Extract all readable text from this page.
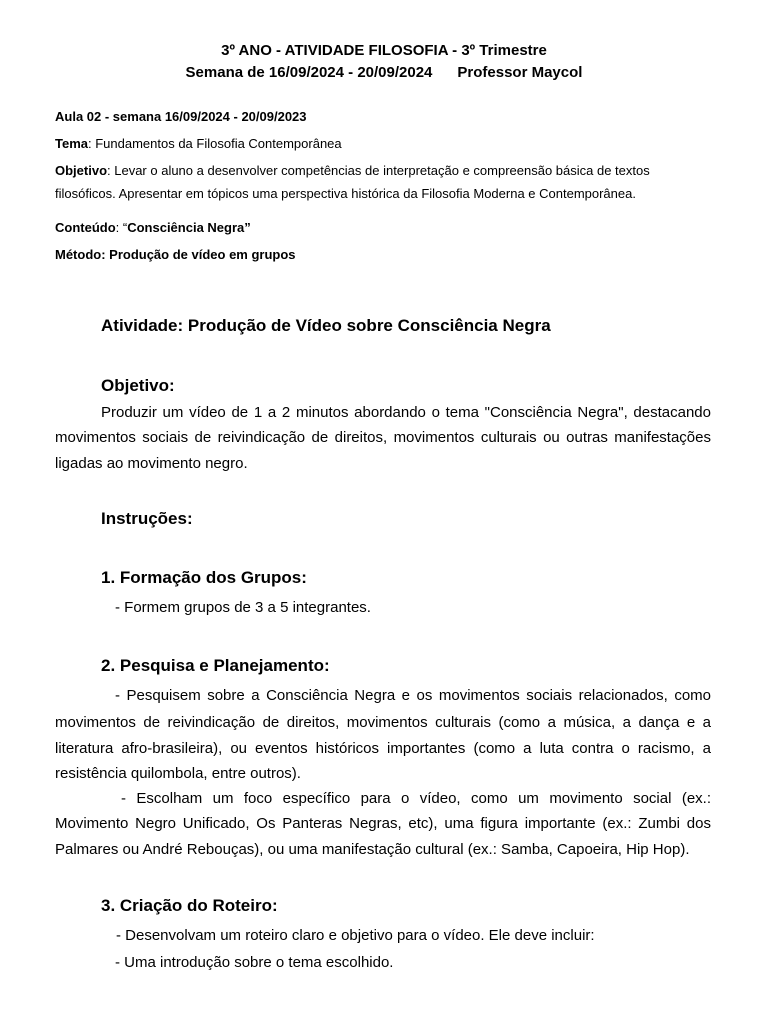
3º ANO - ATIVIDADE FILOSOFIA - 3º Trimestre
Semana de 16/09/2024 - 20/09/2024      Professor Maycol
Aula 02 - semana 16/09/2024 - 20/09/2023
Tema: Fundamentos da Filosofia Contemporânea
Objetivo: Levar o aluno a desenvolver competências de interpretação e compreensão básica de textos
filosóficos. Apresentar em tópicos uma perspectiva histórica da Filosofia Moderna e Contemporânea.
Conteúdo: “Consciência Negra”
Método: Produção de vídeo em grupos
Atividade: Produção de Vídeo sobre Consciência Negra
Objetivo:
Produzir um vídeo de 1 a 2 minutos abordando o tema "Consciência Negra", destacando
movimentos sociais de reivindicação de direitos, movimentos culturais ou outras manifestações
ligadas ao movimento negro.
Instruções:
1. Formação dos Grupos:
- Formem grupos de 3 a 5 integrantes.
2. Pesquisa e Planejamento:
- Pesquisem sobre a Consciência Negra e os movimentos sociais relacionados, como
movimentos de reivindicação de direitos, movimentos culturais (como a música, a dança e a
literatura afro-brasileira), ou eventos históricos importantes (como a luta contra o racismo, a
resistência quilombola, entre outros).
- Escolham um foco específico para o vídeo, como um movimento social (ex.:
Movimento Negro Unificado, Os Panteras Negras, etc), uma figura importante (ex.: Zumbi dos
Palmares ou André Rebouças), ou uma manifestação cultural (ex.: Samba, Capoeira, Hip Hop).
3. Criação do Roteiro:
- Desenvolvam um roteiro claro e objetivo para o vídeo. Ele deve incluir:
- Uma introdução sobre o tema escolhido.
